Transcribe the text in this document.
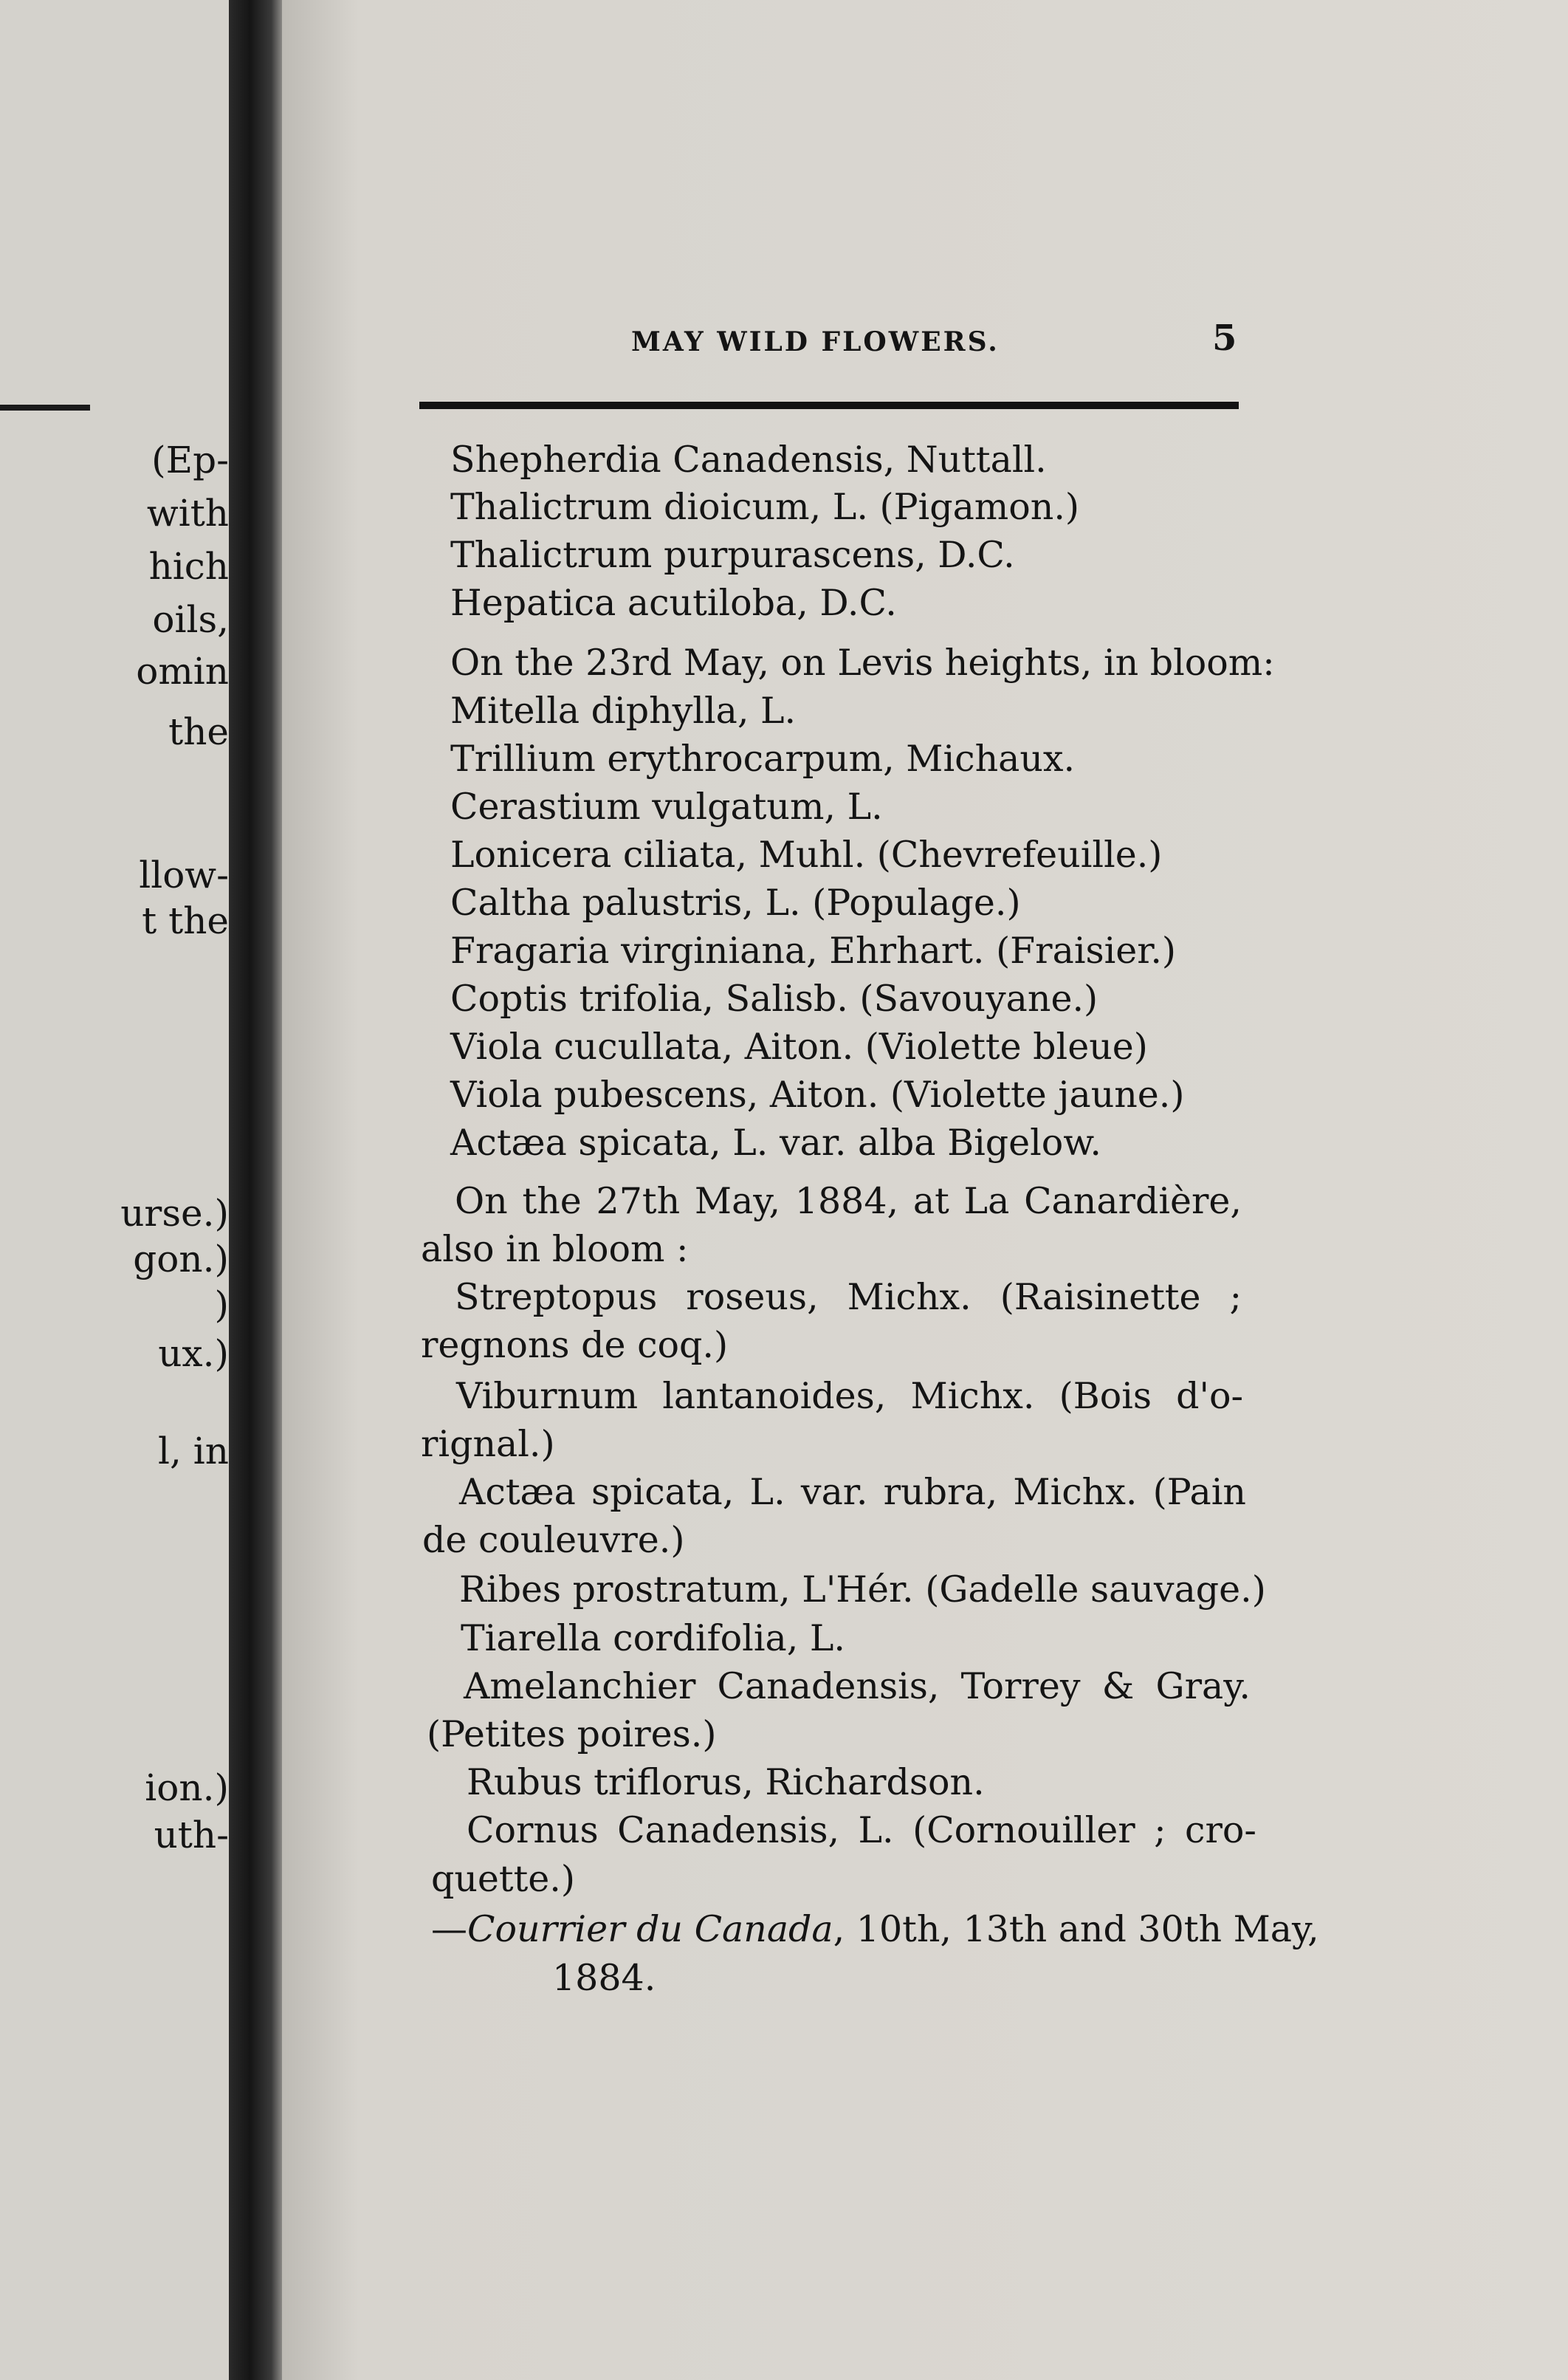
(Ep-
with
hich
oils,
omin
the
llow-
t the
urse.)
gon.)
)
ux.)
l, in
ion.)
uth-
MAY WILD FLOWERS.	5
Shepherdia Canadensis, Nuttall.
Thalictrum dioicum, L. (Pigamon.)
Thalictrum purpurascens, D.C.
Hepatica acutiloba, D.C.
On the 23rd May, on Levis heights, in bloom:
Mitella diphylla, L.
Trillium erythrocarpum, Michaux.
Cerastium vulgatum, L.
Lonicera ciliata, Muhl. (Chevrefeuille.)
Caltha palustris, L. (Populage.)
Fragaria virginiana, Ehrhart. (Fraisier.)
Coptis trifolia, Salisb. (Savouyane.)
Viola cucullata, Aiton. (Violette bleue)
Viola pubescens, Aiton. (Violette jaune.)
Actæa spicata, L. var. alba Bigelow.
On the 27th May, 1884, at La Canardière,
also in bloom :
Streptopus roseus, Michx. (Raisinette ;
regnons de coq.)
Viburnum lantanoides, Michx. (Bois d'o-
rignal.)
Actæa spicata, L. var. rubra, Michx. (Pain
de couleuvre.)
Ribes prostratum, L'Hér. (Gadelle sauvage.)
Tiarella cordifolia, L.
Amelanchier Canadensis, Torrey & Gray.
(Petites poires.)
Rubus triflorus, Richardson.
Cornus Canadensis, L. (Cornouiller ; cro-
quette.)
—Courrier du Canada, 10th, 13th and 30th May,
1884.
